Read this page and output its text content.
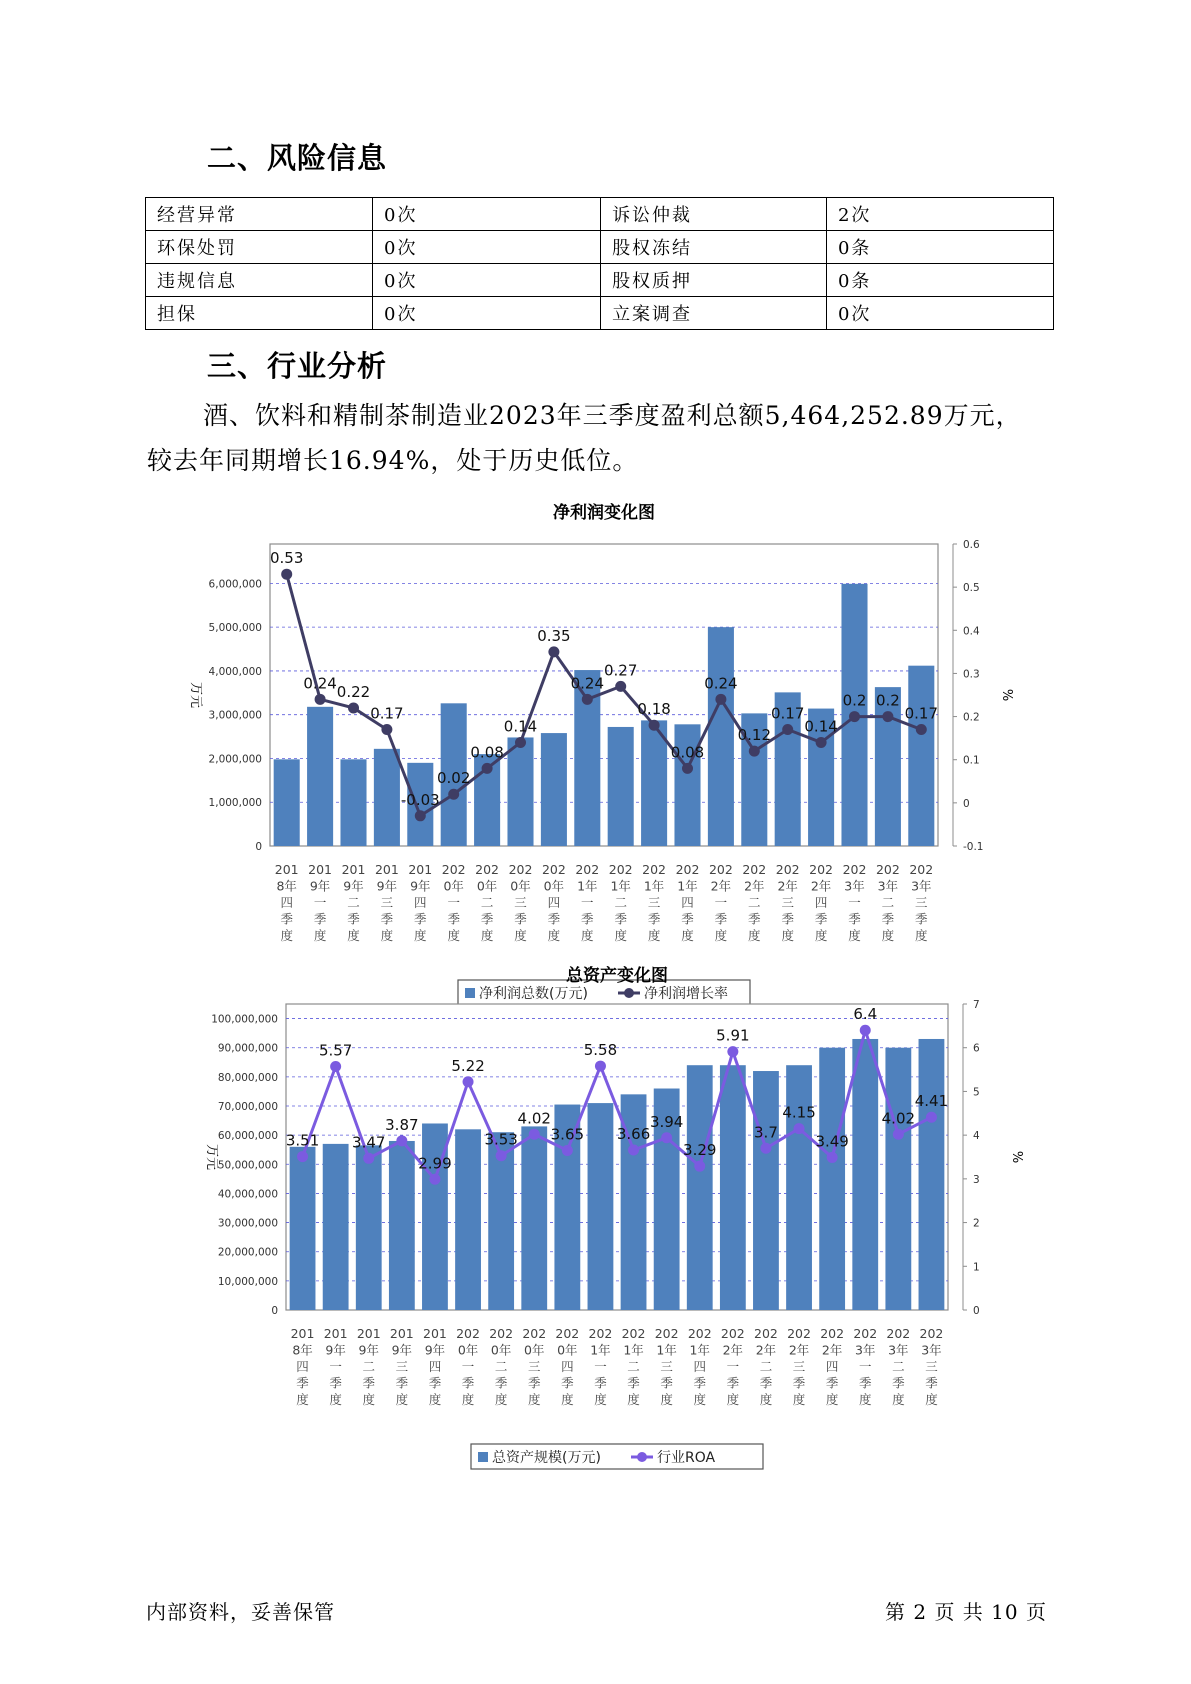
二、风险信息
经营异常	0次	诉讼仲裁	2次
环保处罚	0次	股权冻结	0条
违规信息	0次	股权质押	0条
担保	0次	立案调查	0次
三、行业分析

酒、饮料和精制茶制造业2023年三季度盈利总额5,464,252.89万元，
较去年同期增长16.94%，处于历史低位。

净利润变化图
0
1,000,000
2,000,000
3,000,000
4,000,000
5,000,000
6,000,000
-0.1
0
0.1
0.2
0.3
0.4
0.5
0.6
万元	%
0.53
0.24 0.22
0.17
-0.03
0.02
0.08
0.14
0.35
0.24
0.27
0.18
0.08
0.24
0.12
0.17
0.14
0.2 0.2
0.17
201 8年四季度
201 9年一季度
201 9年二季度
201 9年三季度
201 9年四季度
202 0年一季度
202 0年二季度
202 0年三季度
202 0年四季度
202 1年一季度
202 1年二季度
202 1年三季度
202 1年四季度
202 2年一季度
202 2年二季度
202 2年三季度
202 2年四季度
202 3年一季度
202 3年二季度
202 3年三季度
净利润总数(万元)	净利润增长率
总资产变化图
0
10,000,000
20,000,000
30,000,000
40,000,000
50,000,000
60,000,000
70,000,000
80,000,000
90,000,000
100,000,000
0
1
2
3
4
5
6
7
万元	%
3.51
5.57
3.47
3.87
2.99
5.22
3.53
4.02
3.65
5.58
3.66
3.94
3.29
5.91
3.7
4.15
3.49
6.4
4.02
4.41
201 8年四季度
201 9年一季度
201 9年二季度
201 9年三季度
201 9年四季度
202 0年一季度
202 0年二季度
202 0年三季度
202 0年四季度
202 1年一季度
202 1年二季度
202 1年三季度
202 1年四季度
202 2年一季度
202 2年二季度
202 2年三季度
202 2年四季度
202 3年一季度
202 3年二季度
202 3年三季度
总资产规模(万元)	行业ROA

内部资料，妥善保管	第 2 页 共 10 页
